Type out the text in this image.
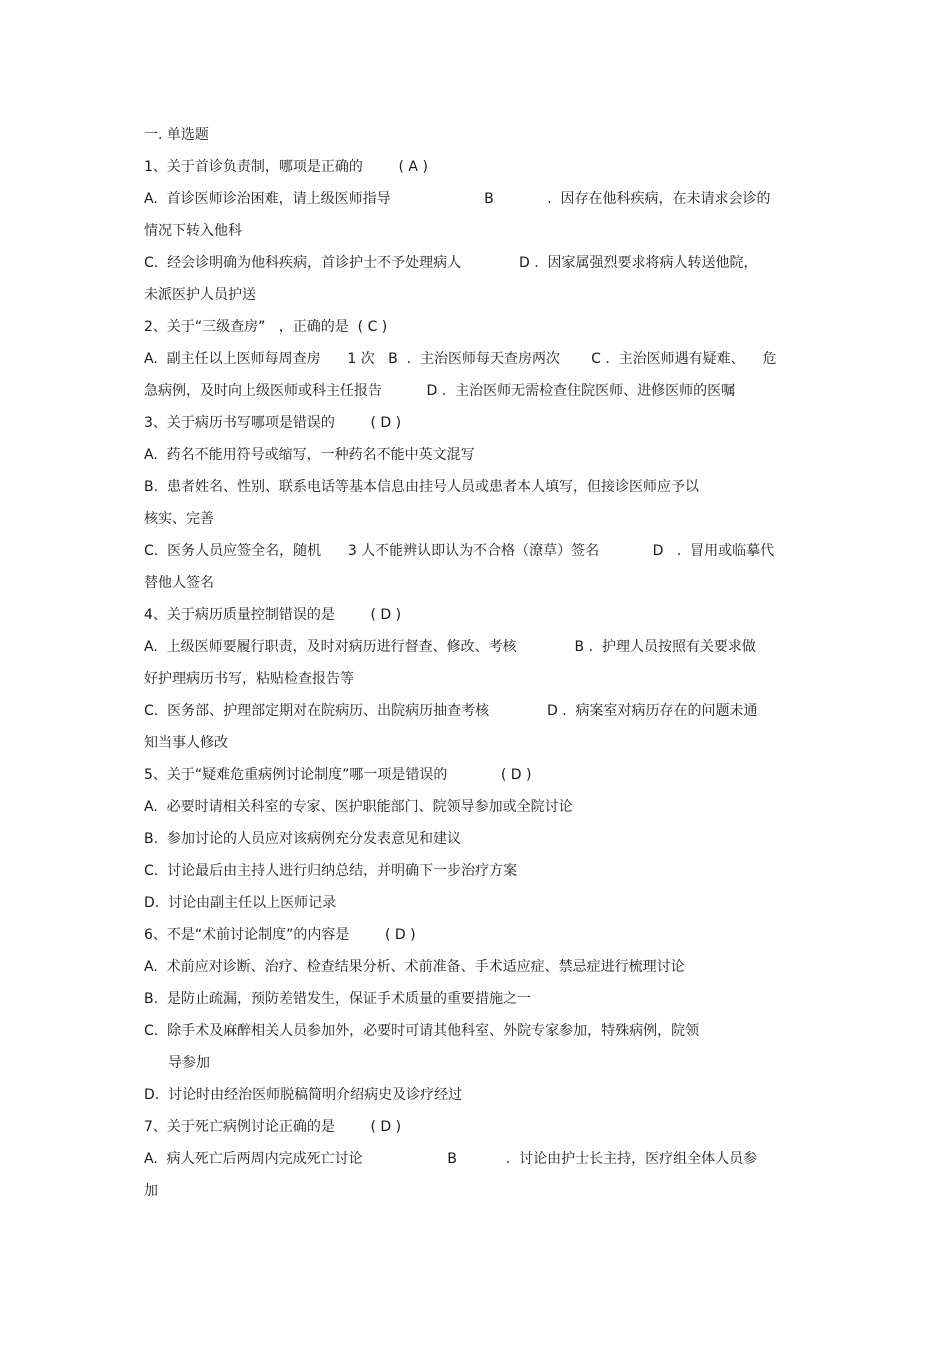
一. 单选题
1、关于首诊负责制，哪项是正确的        ( A )
A.  首诊医师诊治困难，请上级医师指导                     B            .  因存在他科疾病，在未请求会诊的
情况下转入他科
C.  经会诊明确为他科疾病，首诊护士不予处理病人             D .  因家属强烈要求将病人转送他院，
未派医护人员护送
2、关于“三级查房”   ，正确的是  ( C )
A.  副主任以上医师每周查房      1 次   B  .  主治医师每天查房两次       C .  主治医师遇有疑难、    危
急病例，及时向上级医师或科主任报告          D .  主治医师无需检查住院医师、进修医师的医嘱
3、关于病历书写哪项是错误的        ( D )
A.  药名不能用符号或缩写，一种药名不能中英文混写
B.  患者姓名、性别、联系电话等基本信息由挂号人员或患者本人填写，但接诊医师应予以
核实、完善
C.  医务人员应签全名，随机      3 人不能辨认即认为不合格（潦草）签名            D   .  冒用或临摹代
替他人签名
4、关于病历质量控制错误的是        ( D )
A.  上级医师要履行职责，及时对病历进行督查、修改、考核             B .  护理人员按照有关要求做
好护理病历书写，粘贴检查报告等
C.  医务部、护理部定期对在院病历、出院病历抽查考核             D .  病案室对病历存在的问题未通
知当事人修改
5、关于“疑难危重病例讨论制度”哪一项是错误的            ( D )
A.  必要时请相关科室的专家、医护职能部门、院领导参加或全院讨论
B.  参加讨论的人员应对该病例充分发表意见和建议
C.  讨论最后由主持人进行归纳总结，并明确下一步治疗方案
D.  讨论由副主任以上医师记录
6、不是“术前讨论制度”的内容是        ( D )
A.  术前应对诊断、治疗、检查结果分析、术前准备、手术适应症、禁忌症进行梳理讨论
B.  是防止疏漏，预防差错发生，保证手术质量的重要措施之一
C.  除手术及麻醉相关人员参加外，必要时可请其他科室、外院专家参加，特殊病例，院领
导参加
D.  讨论时由经治医师脱稿简明介绍病史及诊疗经过
7、关于死亡病例讨论正确的是        ( D )
A.  病人死亡后两周内完成死亡讨论                   B           .  讨论由护士长主持，医疗组全体人员参
加
